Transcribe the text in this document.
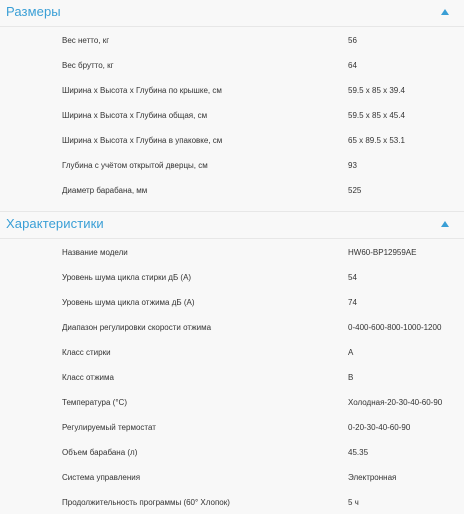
Размеры
Вес нетто, кг	56
Вес брутто, кг	64
Ширина х Высота х Глубина по крышке, см	59.5 x 85 x 39.4
Ширина х Высота х Глубина общая, см	59.5 x 85 x 45.4
Ширина х Высота х Глубина в упаковке, см	65 x 89.5 x 53.1
Глубина с учётом открытой дверцы, см	93
Диаметр барабана, мм	525
Характеристики
Название модели	HW60-BP12959AE
Уровень шума цикла стирки дБ (А)	54
Уровень шума цикла отжима дБ (А)	74
Диапазон регулировки скорости отжима	0-400-600-800-1000-1200
Класс стирки	A
Класс отжима	B
Температура (°C)	Холодная-20-30-40-60-90
Регулируемый термостат	0-20-30-40-60-90
Объем барабана (л)	45.35
Система управления	Электронная
Продолжительность программы (60° Хлопок)	5 ч
